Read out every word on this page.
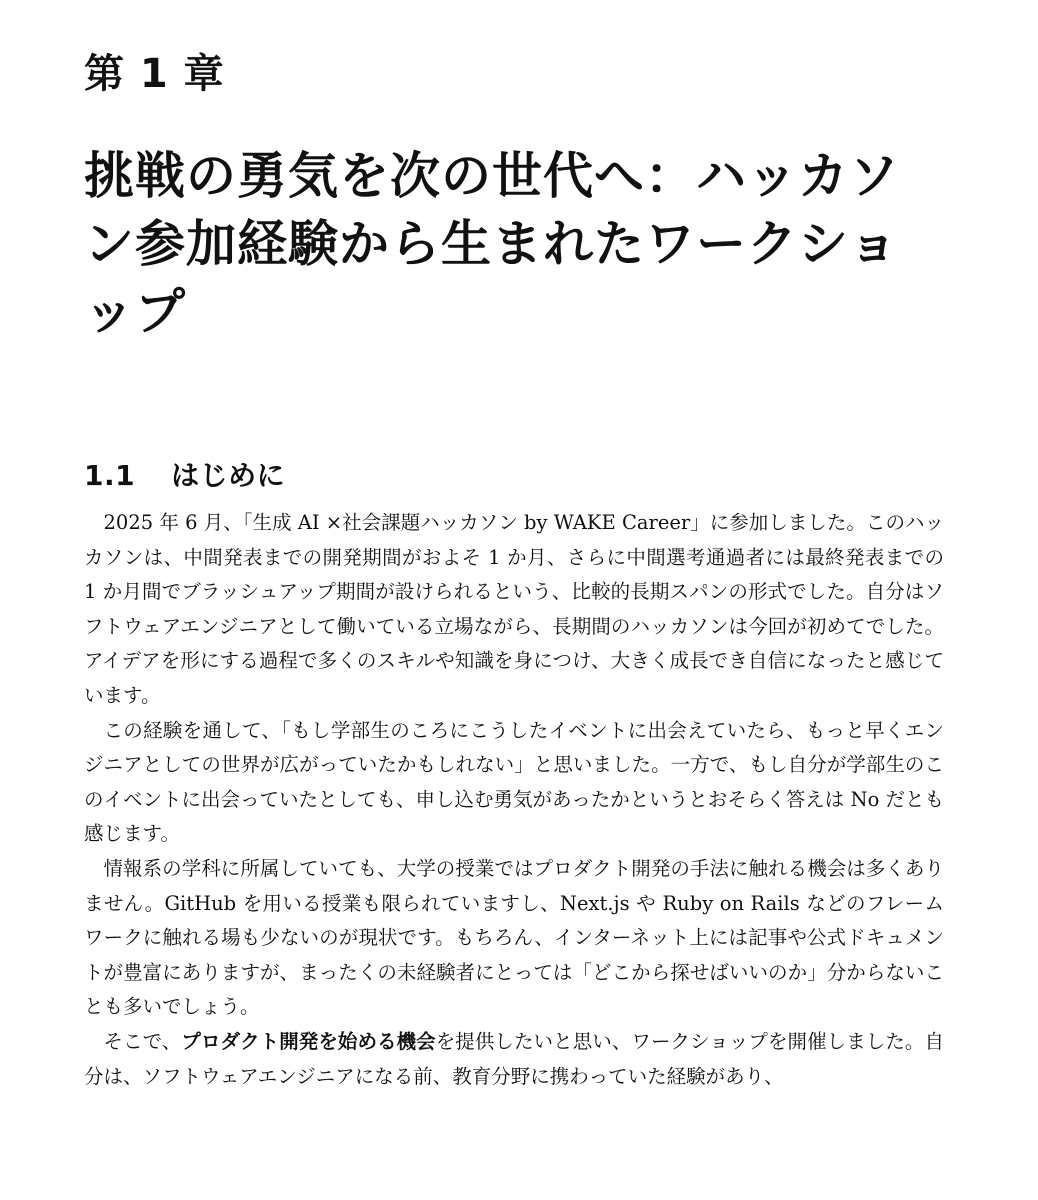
第 1 章
挑戦の勇気を次の世代へ：ハッカソン参加経験から生まれたワークショップ
1.1 はじめに

2025 年 6 月、「生成 AI ×社会課題ハッカソン by WAKE Career」に参加しました。このハッカソンは、中間発表までの開発期間がおよそ 1 か月、さらに中間選考通過者には最終発表までの 1 か月間でブラッシュアップ期間が設けられるという、比較的長期スパンの形式でした。自分はソフトウェアエンジニアとして働いている立場ながら、長期間のハッカソンは今回が初めてでした。アイデアを形にする過程で多くのスキルや知識を身につけ、大きく成長でき自信になったと感じています。

この経験を通して、「もし学部生のころにこうしたイベントに出会えていたら、もっと早くエンジニアとしての世界が広がっていたかもしれない」と思いました。一方で、もし自分が学部生のこのイベントに出会っていたとしても、申し込む勇気があったかというとおそらく答えは No だとも感じます。

情報系の学科に所属していても、大学の授業ではプロダクト開発の手法に触れる機会は多くありません。GitHub を用いる授業も限られていますし、Next.js や Ruby on Rails などのフレームワークに触れる場も少ないのが現状です。もちろん、インターネット上には記事や公式ドキュメントが豊富にありますが、まったくの未経験者にとっては「どこから探せばいいのか」分からないことも多いでしょう。

そこで、プロダクト開発を始める機会を提供したいと思い、ワークショップを開催しました。自分は、ソフトウェアエンジニアになる前、教育分野に携わっていた経験があり、
